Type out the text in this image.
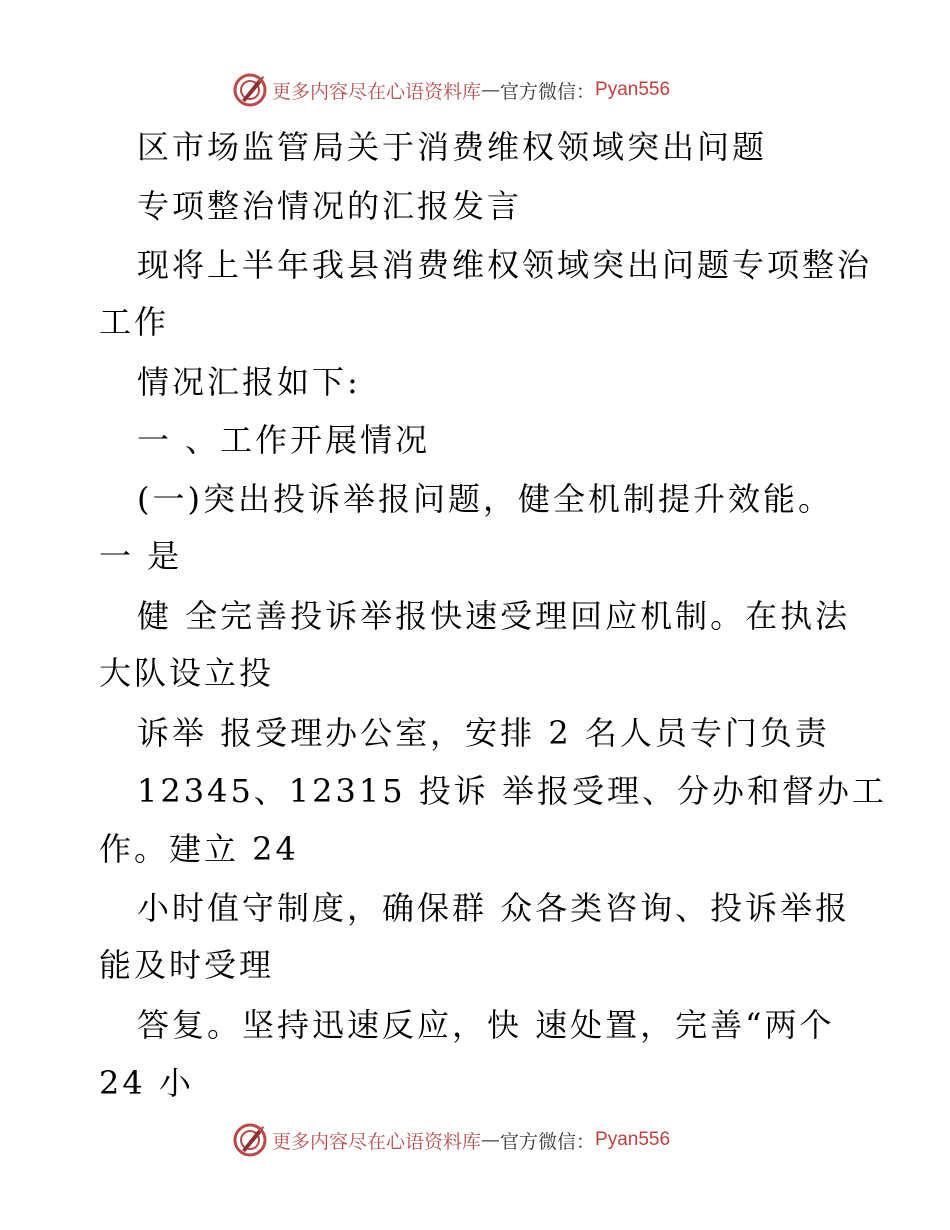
更多内容尽在心语资料库 — 官方微信： Pyan556
区市场监管局关于消费维权领域突出问题
专项整治情况的汇报发言
现将上半年我县消费维权领域突出问题专项整治
工作
情况汇报如下:
一 、工作开展情况
(一)突出投诉举报问题，健全机制提升效能。
一 是
健 全完善投诉举报快速受理回应机制。在执法
大队设立投
诉举 报受理办公室，安排 2 名人员专门负责
12345、12315 投诉 举报受理、分办和督办工
作。建立 24
小时值守制度，确保群 众各类咨询、投诉举报
能及时受理
答复。坚持迅速反应，快 速处置，完善“两个
24 小
更多内容尽在心语资料库 — 官方微信： Pyan556
